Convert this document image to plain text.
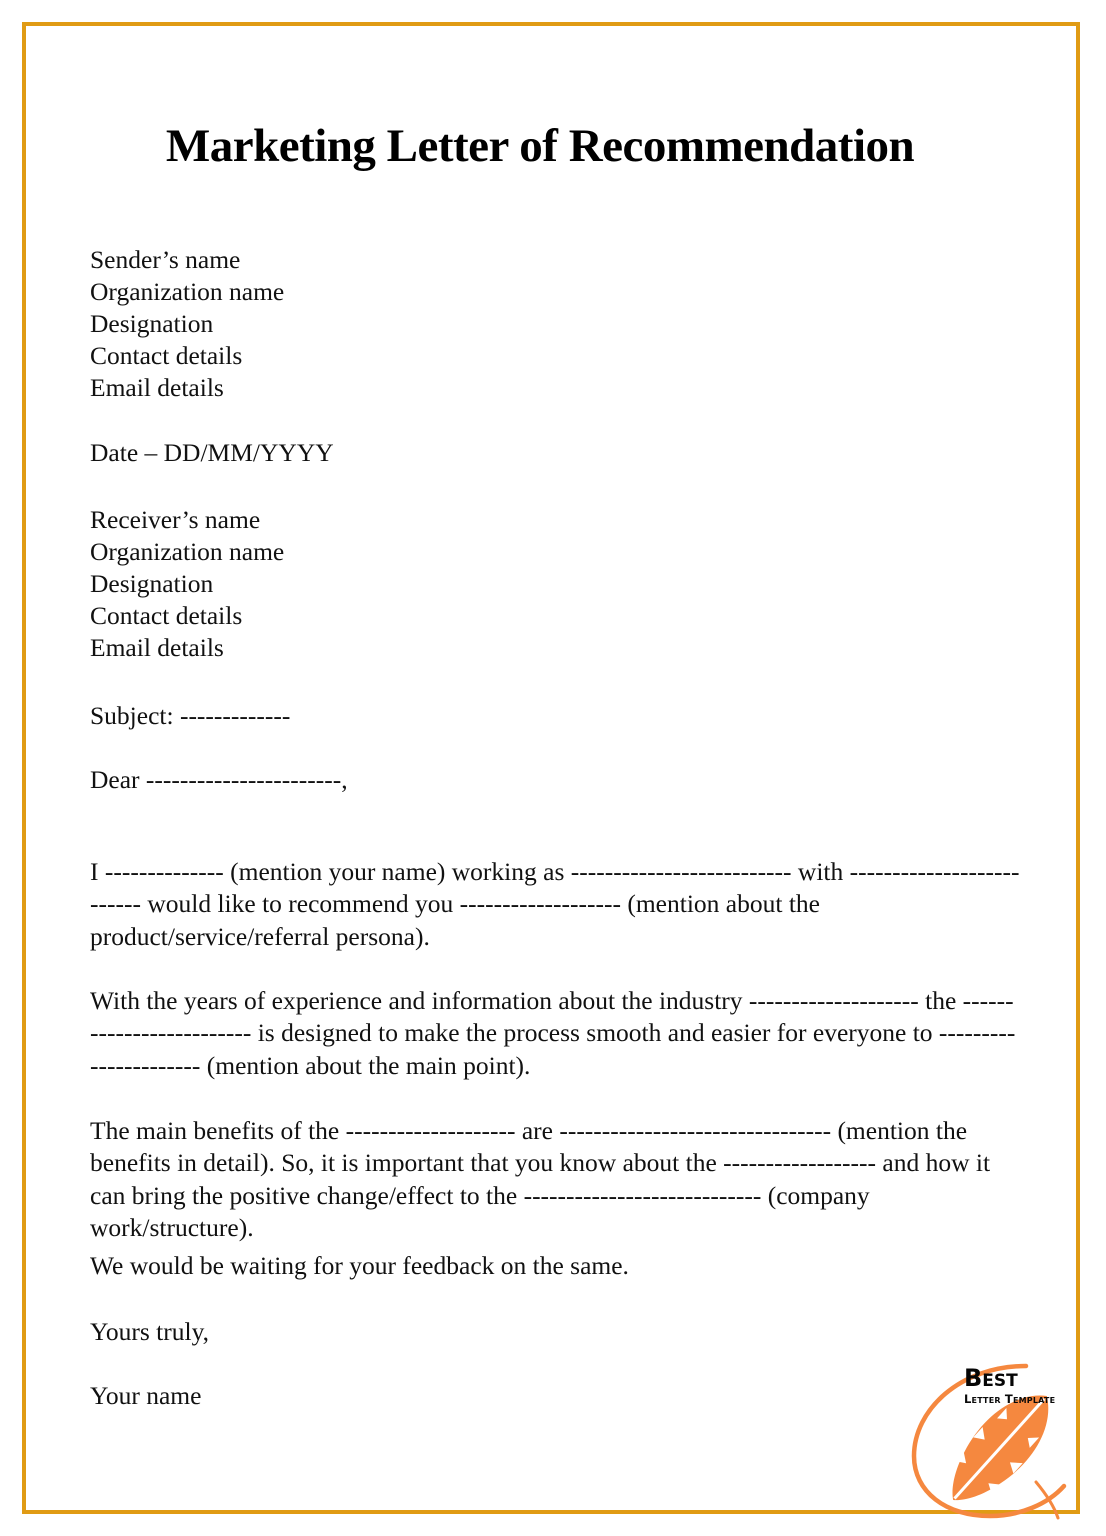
Marketing Letter of Recommendation
Sender’s name
Organization name
Designation
Contact details
Email details
Date – DD/MM/YYYY
Receiver’s name
Organization name
Designation
Contact details
Email details
Subject: -------------
Dear -----------------------,

I -------------- (mention your name) working as -------------------------- with -------------------------- would like to recommend you ------------------- (mention about the product/service/referral persona).

With the years of experience and information about the industry -------------------- the ------------------------- is designed to make the process smooth and easier for everyone to ---------------------- (mention about the main point).

The main benefits of the -------------------- are -------------------------------- (mention the benefits in detail). So, it is important that you know about the ------------------ and how it can bring the positive change/effect to the ---------------------------- (company work/structure).

We would be waiting for your feedback on the same.
Yours truly,
Your name
Best
Letter Template
